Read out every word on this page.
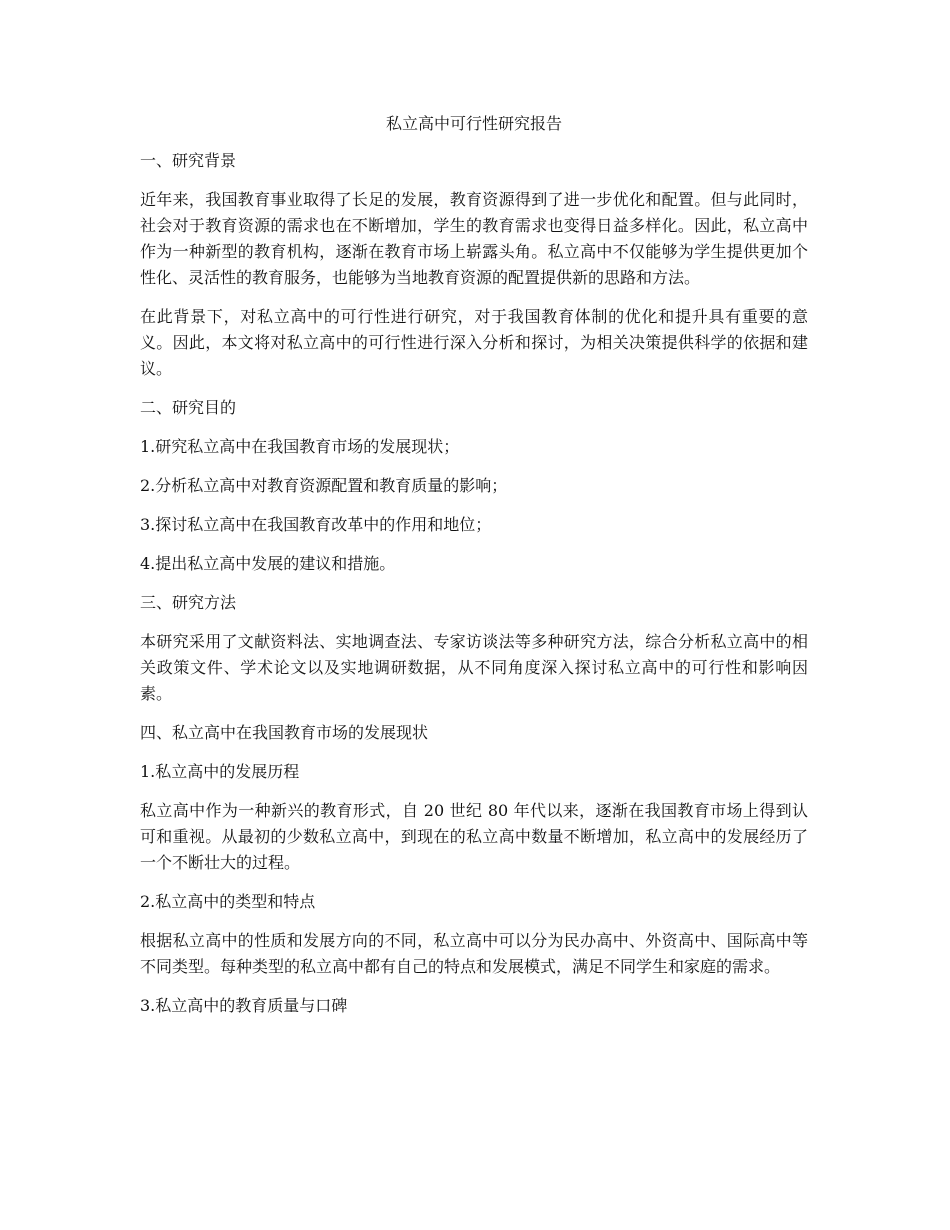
私立高中可行性研究报告

一、研究背景

近年来，我国教育事业取得了长足的发展，教育资源得到了进一步优化和配置。但与此同时，社会对于教育资源的需求也在不断增加，学生的教育需求也变得日益多样化。因此，私立高中作为一种新型的教育机构，逐渐在教育市场上崭露头角。私立高中不仅能够为学生提供更加个性化、灵活性的教育服务，也能够为当地教育资源的配置提供新的思路和方法。

在此背景下，对私立高中的可行性进行研究，对于我国教育体制的优化和提升具有重要的意义。因此，本文将对私立高中的可行性进行深入分析和探讨，为相关决策提供科学的依据和建议。

二、研究目的

1.研究私立高中在我国教育市场的发展现状；

2.分析私立高中对教育资源配置和教育质量的影响；

3.探讨私立高中在我国教育改革中的作用和地位；

4.提出私立高中发展的建议和措施。

三、研究方法

本研究采用了文献资料法、实地调查法、专家访谈法等多种研究方法，综合分析私立高中的相关政策文件、学术论文以及实地调研数据，从不同角度深入探讨私立高中的可行性和影响因素。

四、私立高中在我国教育市场的发展现状

1.私立高中的发展历程

私立高中作为一种新兴的教育形式，自 20 世纪 80 年代以来，逐渐在我国教育市场上得到认可和重视。从最初的少数私立高中，到现在的私立高中数量不断增加，私立高中的发展经历了一个不断壮大的过程。

2.私立高中的类型和特点

根据私立高中的性质和发展方向的不同，私立高中可以分为民办高中、外资高中、国际高中等不同类型。每种类型的私立高中都有自己的特点和发展模式，满足不同学生和家庭的需求。

3.私立高中的教育质量与口碑
